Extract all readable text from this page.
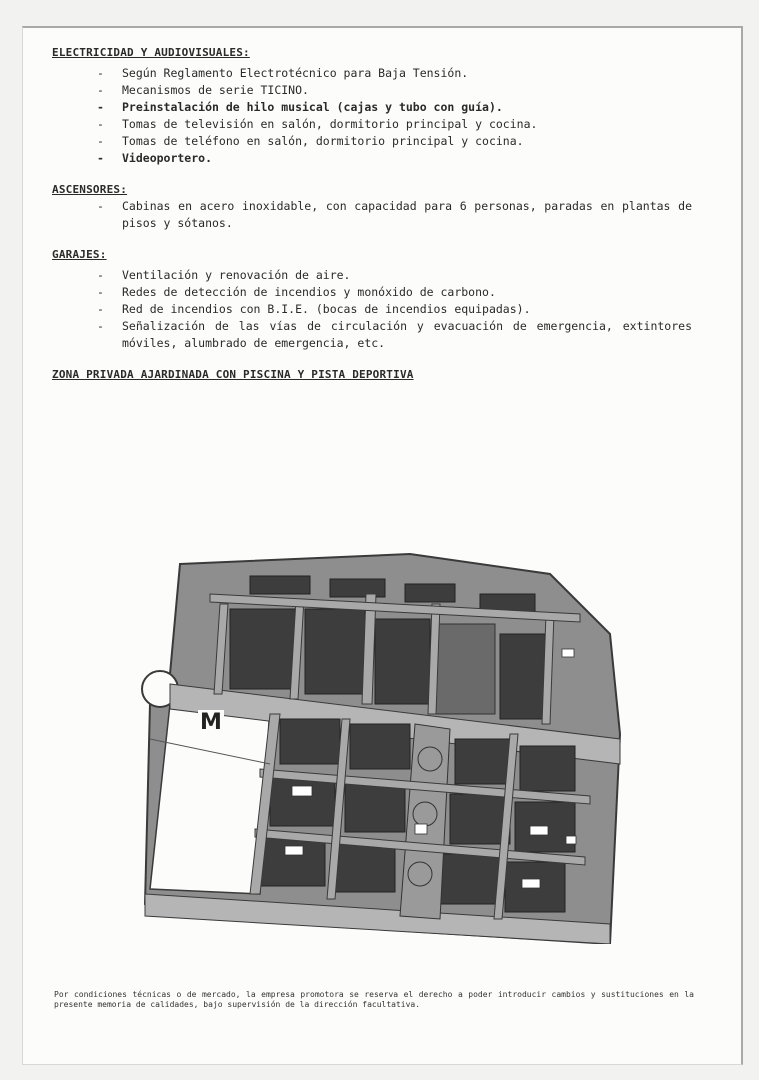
ELECTRICIDAD Y AUDIOVISUALES:

- Según Reglamento Electrotécnico para Baja Tensión.
- Mecanismos de serie TICINO.
- Preinstalación de hilo musical (cajas y tubo con guía).
- Tomas de televisión en salón, dormitorio principal y cocina.
- Tomas de teléfono en salón, dormitorio principal y cocina.
- Videoportero.

ASCENSORES:

- Cabinas en acero inoxidable, con capacidad para 6 personas, paradas en plantas de pisos y sótanos.

GARAJES:

- Ventilación y renovación de aire.
- Redes de detección de incendios y monóxido de carbono.
- Red de incendios con B.I.E. (bocas de incendios equipadas).
- Señalización de las vías de circulación y evacuación de emergencia, extintores móviles, alumbrado de emergencia, etc.

ZONA PRIVADA AJARDINADA CON PISCINA Y PISTA DEPORTIVA

M
Por condiciones técnicas o de mercado, la empresa promotora se reserva el derecho a poder introducir cambios y sustituciones en la presente memoria de calidades, bajo supervisión de la dirección facultativa.
